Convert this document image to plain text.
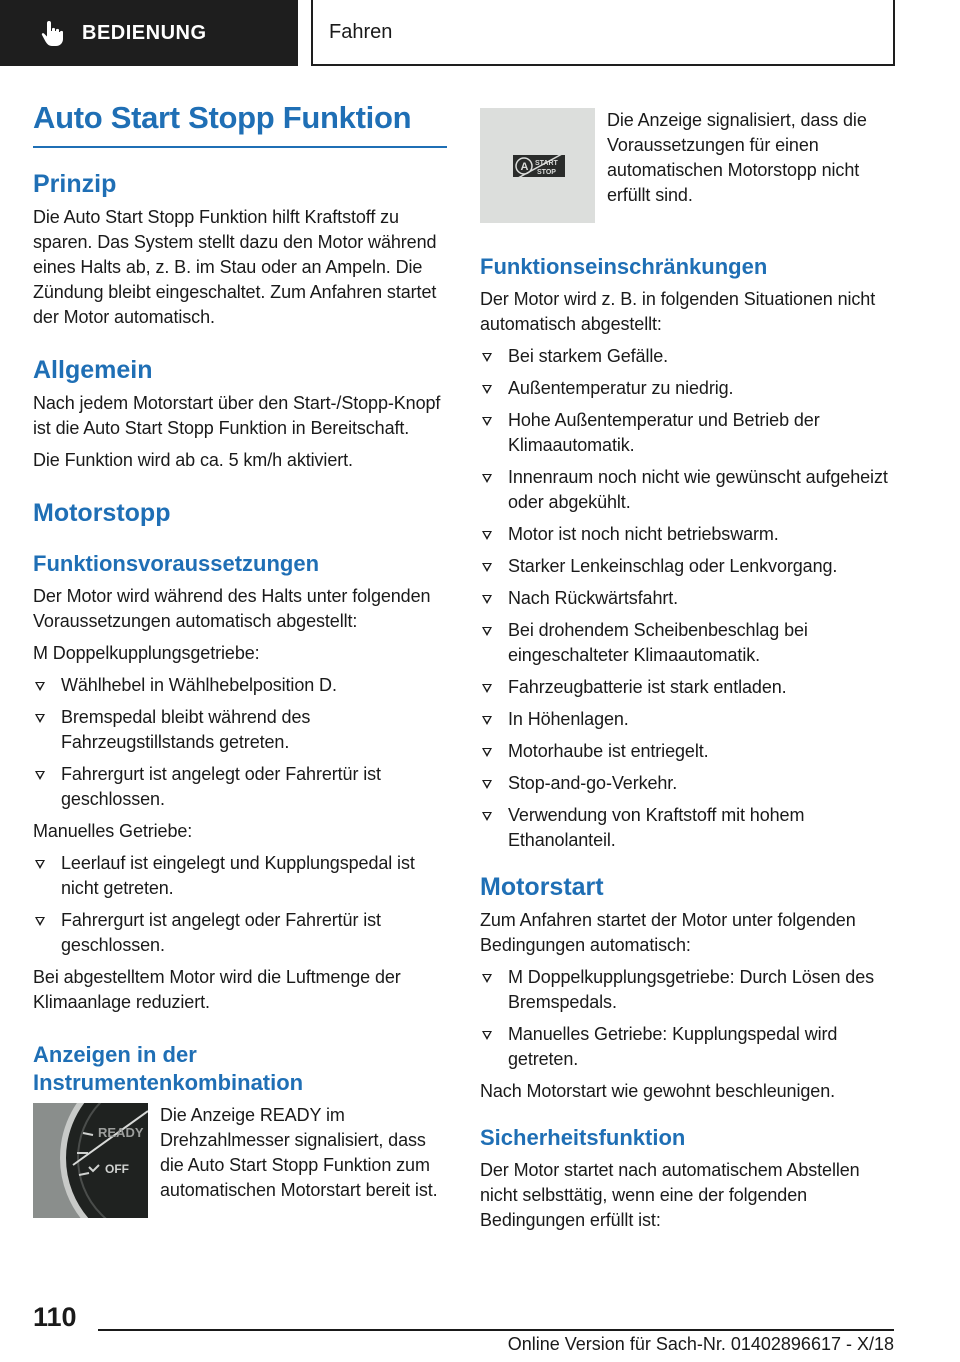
BEDIENUNG	Fahren
Auto Start Stopp Funktion
Prinzip

Die Auto Start Stopp Funktion hilft Kraftstoff zu sparen. Das System stellt dazu den Motor während eines Halts ab, z. B. im Stau oder an Ampeln. Die Zündung bleibt eingeschaltet. Zum Anfahren startet der Motor automatisch.

Allgemein

Nach jedem Motorstart über den Start-/Stopp-Knopf ist die Auto Start Stopp Funktion in Bereitschaft.

Die Funktion wird ab ca. 5 km/h aktiviert.

Motorstopp
Funktionsvoraussetzungen

Der Motor wird während des Halts unter folgenden Voraussetzungen automatisch abgestellt:

M Doppelkupplungsgetriebe:

Wählhebel in Wählhebelposition D.
Bremspedal bleibt während des Fahrzeugstillstands getreten.
Fahrergurt ist angelegt oder Fahrertür ist geschlossen.

Manuelles Getriebe:

Leerlauf ist eingelegt und Kupplungspedal ist nicht getreten.
Fahrergurt ist angelegt oder Fahrertür ist geschlossen.

Bei abgestelltem Motor wird die Luftmenge der Klimaanlage reduziert.

Anzeigen in der Instrumentenkombination
READY
OFF

Die Anzeige READY im Drehzahlmesser signalisiert, dass die Auto Start Stopp Funktion zum automatischen Motorstart bereit ist.

A START
STOP

Die Anzeige signalisiert, dass die Voraussetzungen für einen automatischen Motorstopp nicht erfüllt sind.

Funktionseinschränkungen

Der Motor wird z. B. in folgenden Situationen nicht automatisch abgestellt:

Bei starkem Gefälle.
Außentemperatur zu niedrig.
Hohe Außentemperatur und Betrieb der Klimaautomatik.
Innenraum noch nicht wie gewünscht aufgeheizt oder abgekühlt.
Motor ist noch nicht betriebswarm.
Starker Lenkeinschlag oder Lenkvorgang.
Nach Rückwärtsfahrt.
Bei drohendem Scheibenbeschlag bei eingeschalteter Klimaautomatik.
Fahrzeugbatterie ist stark entladen.
In Höhenlagen.
Motorhaube ist entriegelt.
Stop-and-go-Verkehr.
Verwendung von Kraftstoff mit hohem Ethanolanteil.
Motorstart

Zum Anfahren startet der Motor unter folgenden Bedingungen automatisch:

M Doppelkupplungsgetriebe: Durch Lösen des Bremspedals.
Manuelles Getriebe: Kupplungspedal wird getreten.

Nach Motorstart wie gewohnt beschleunigen.

Sicherheitsfunktion

Der Motor startet nach automatischem Abstellen nicht selbsttätig, wenn eine der folgenden Bedingungen erfüllt ist:

110
Online Version für Sach-Nr. 01402896617 - X/18
